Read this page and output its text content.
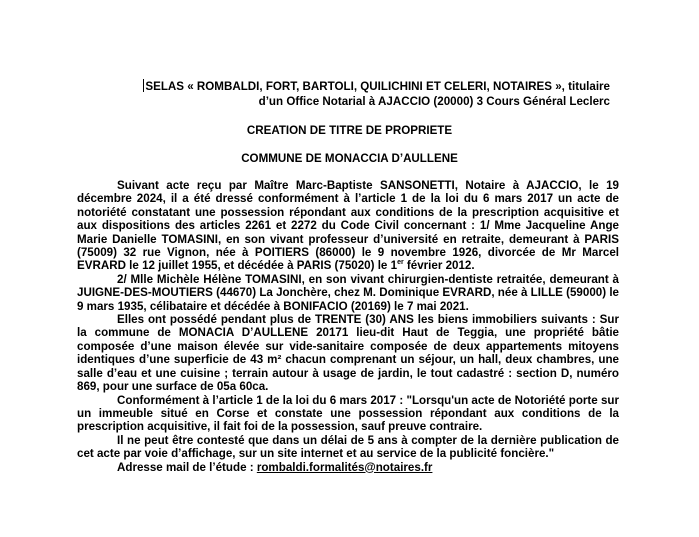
SELAS « ROMBALDI, FORT, BARTOLI, QUILICHINI ET CELERI, NOTAIRES », titulaire
d’un Office Notarial à AJACCIO (20000) 3 Cours Général Leclerc
CREATION DE TITRE DE PROPRIETE
COMMUNE DE MONACCIA D’AULLENE

Suivant acte reçu par Maître Marc-Baptiste SANSONETTI, Notaire à AJACCIO, le 19 décembre 2024, il a été dressé conformément à l’article 1 de la loi du 6 mars 2017 un acte de notoriété constatant une possession répondant aux conditions de la prescription acquisitive et aux dispositions des articles 2261 et 2272 du Code Civil concernant : 1/ Mme Jacqueline Ange Marie Danielle TOMASINI, en son vivant professeur d’université en retraite, demeurant à PARIS (75009) 32 rue Vignon, née à POITIERS (86000) le 9 novembre 1926, divorcée de Mr Marcel EVRARD le 12 juillet 1955, et décédée à PARIS (75020) le 1er février 2012.

2/ Mlle Michèle Hélène TOMASINI, en son vivant chirurgien-dentiste retraitée, demeurant à JUIGNE-DES-MOUTIERS (44670) La Jonchère, chez M. Dominique EVRARD, née à LILLE (59000) le 9 mars 1935, célibataire et décédée à BONIFACIO (20169) le 7 mai 2021.

Elles ont possédé pendant plus de TRENTE (30) ANS les biens immobiliers suivants : Sur la commune de MONACIA D’AULLENE 20171 lieu-dit Haut de Teggia, une propriété bâtie composée d’une maison élevée sur vide-sanitaire composée de deux appartements mitoyens identiques d’une superficie de 43 m² chacun comprenant un séjour, un hall, deux chambres, une salle d’eau et une cuisine ; terrain autour à usage de jardin, le tout cadastré : section D, numéro 869, pour une surface de 05a 60ca.

Conformément à l’article 1 de la loi du 6 mars 2017 : "Lorsqu'un acte de Notoriété porte sur un immeuble situé en Corse et constate une possession répondant aux conditions de la prescription acquisitive, il fait foi de la possession, sauf preuve contraire.

Il ne peut être contesté que dans un délai de 5 ans à compter de la dernière publication de cet acte par voie d’affichage, sur un site internet et au service de la publicité foncière."

Adresse mail de l’étude : rombaldi.formalités@notaires.fr
